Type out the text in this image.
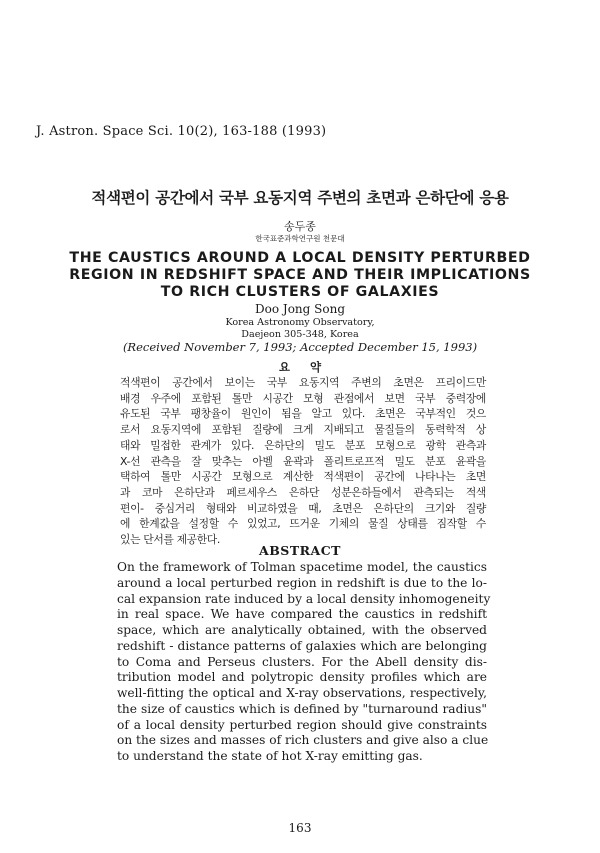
J. Astron. Space Sci. 10(2), 163-188 (1993)
적색편이 공간에서 국부 요동지역 주변의 초면과 은하단에 응용
송두종
한국표준과학연구원 천문대
THE CAUSTICS AROUND A LOCAL DENSITY PERTURBED
REGION IN REDSHIFT SPACE AND THEIR IMPLICATIONS
TO RICH CLUSTERS OF GALAXIES
Doo Jong Song
Korea Astronomy Observatory,
Daejeon 305-348, Korea
(Received November 7, 1993; Accepted December 15, 1993)
요     약
적색편이 공간에서 보이는 국부 요동지역 주변의 초면은 프리이드만
배경 우주에 포함된 톨만 시공간 모형 관점에서 보면 국부 중력장에
유도된 국부 팽창율이 원인이 됨을 알고 있다. 초면은 국부적인 것으
로서 요동지역에 포함된 질량에 크게 지배되고 물질들의 동력학적 상
태와 밀접한 관계가 있다. 은하단의 밀도 분포 모형으로 광학 관측과
X-선 관측을 잘 맞추는 아벨 윤곽과 폴리트로프적 밀도 분포 윤곽을
택하여 톨만 시공간 모형으로 계산한 적색편이 공간에 나타나는 초면
과 코마 은하단과 페르세우스 은하단 성분은하들에서 관측되는 적색
편이- 중심거리 형태와 비교하였을 때, 초면은 은하단의 크기와 질량
에 한계값을 설정할 수 있었고, 뜨거운 기체의 물질 상태를 짐작할 수
있는 단서를 제공한다.
ABSTRACT
On the framework of Tolman spacetime model, the caustics
around a local perturbed region in redshift is due to the lo-
cal expansion rate induced by a local density inhomogeneity
in real space. We have compared the caustics in redshift
space, which are analytically obtained, with the observed
redshift - distance patterns of galaxies which are belonging
to Coma and Perseus clusters. For the Abell density dis-
tribution model and polytropic density profiles which are
well-fitting the optical and X-ray observations, respectively,
the size of caustics which is defined by "turnaround radius"
of a local density perturbed region should give constraints
on the sizes and masses of rich clusters and give also a clue
to understand the state of hot X-ray emitting gas.
163
